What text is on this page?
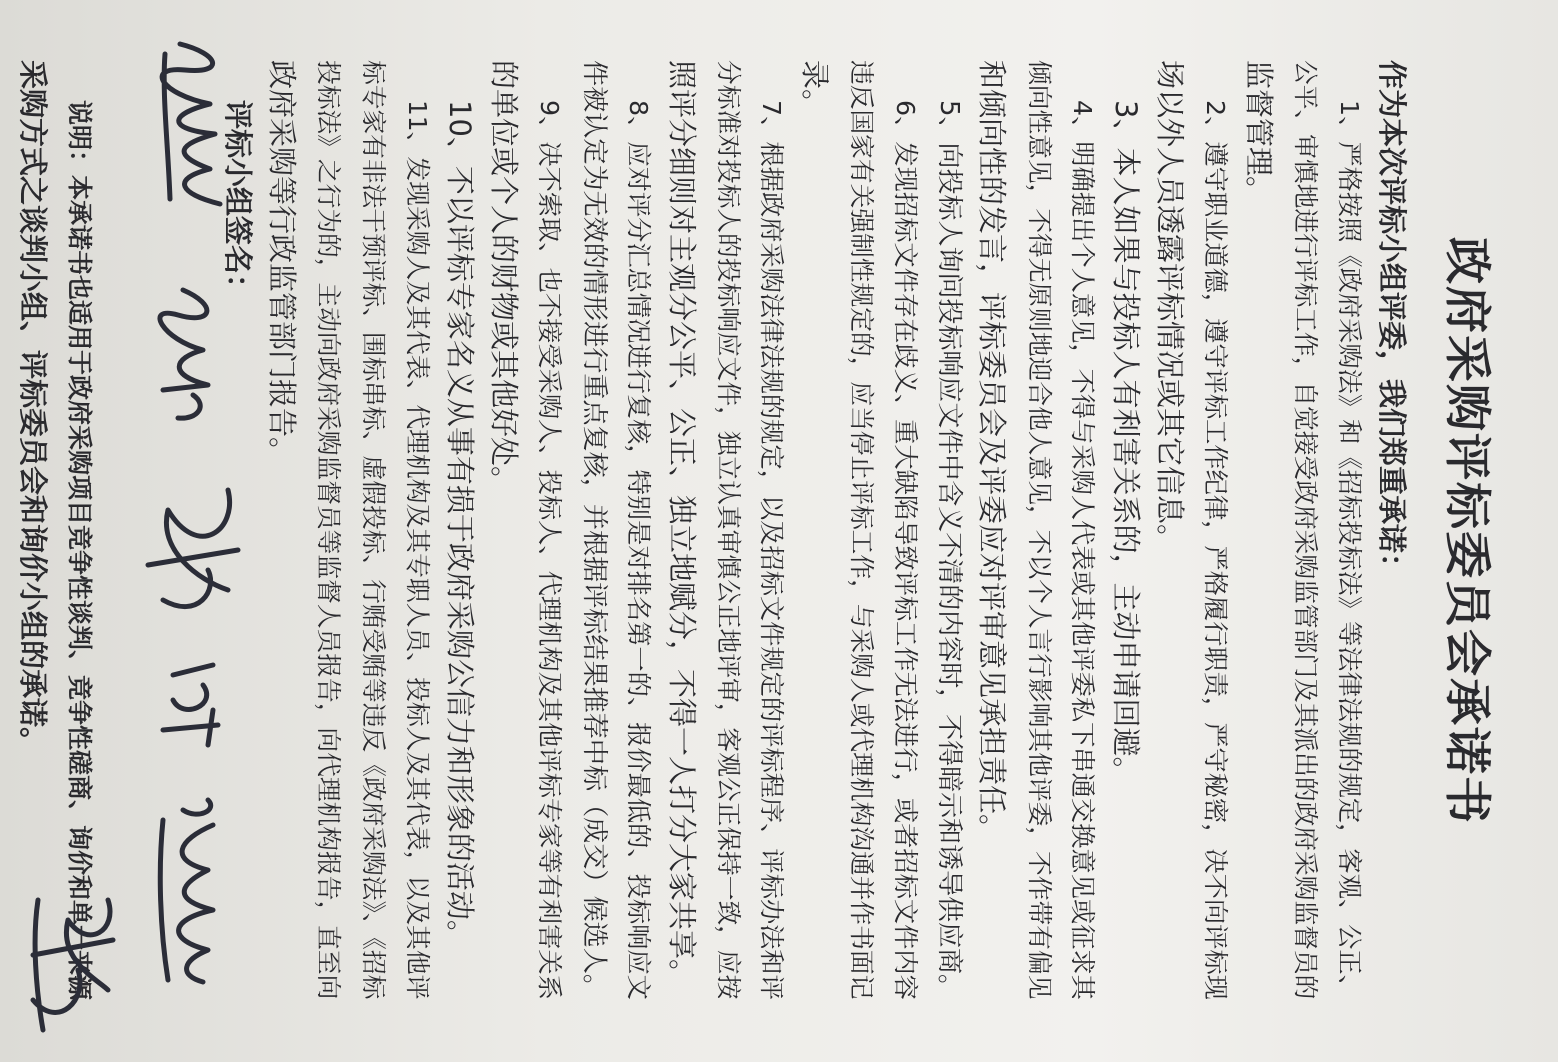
政府采购评标委员会承诺书
作为本次评标小组评委，我们郑重承诺：
1、严格按照《政府采购法》和《招标投标法》等法律法规的规定，客观、公正、
公平、审慎地进行评标工作，自觉接受政府采购监管部门及其派出的政府采购监督员的
监督管理。
2、遵守职业道德，遵守评标工作纪律，严格履行职责，严守秘密，决不向评标现
场以外人员透露评标情况或其它信息。
3、本人如果与投标人有利害关系的，主动申请回避。
4、明确提出个人意见，不得与采购人代表或其他评委私下串通交换意见或征求其
倾向性意见，不得无原则地迎合他人意见，不以个人言行影响其他评委，不作带有偏见
和倾向性的发言，评标委员会及评委应对评审意见承担责任。
5、向投标人询问投标响应文件中含义不清的内容时，不得暗示和诱导供应商。
6、发现招标文件存在歧义、重大缺陷导致评标工作无法进行，或者招标文件内容
违反国家有关强制性规定的，应当停止评标工作，与采购人或代理机构沟通并作书面记
录。
7、根据政府采购法律法规的规定，以及招标文件规定的评标程序、评标办法和评
分标准对投标人的投标响应文件，独立认真审慎公正地评审，客观公正保持一致，应按
照评分细则对主观分公平、公正、独立地赋分，不得一人打分大家共享。
8、应对评分汇总情况进行复核，特别是对排名第一的、报价最低的、投标响应文
件被认定为无效的情形进行重点复核，并根据评标结果推荐中标（成交）候选人。
9、决不索取、也不接受采购人、投标人、代理机构及其他评标专家等有利害关系
的单位或个人的财物或其他好处。
10、不以评标专家名义从事有损于政府采购公信力和形象的活动。
11、发现采购人及其代表、代理机构及其专职人员、投标人及其代表，以及其他评
标专家有非法干预评标、围标串标、虚假投标、行贿受贿等违反《政府采购法》、《招标
投标法》之行为的，主动向政府采购监督员等监督人员报告，向代理机构报告，直至向
政府采购等行政监管部门报告。
评标小组签名：
说明：本承诺书也适用于政府采购项目竞争性谈判、竞争性磋商、询价和单一来源
采购方式之谈判小组、评标委员会和询价小组的承诺。
